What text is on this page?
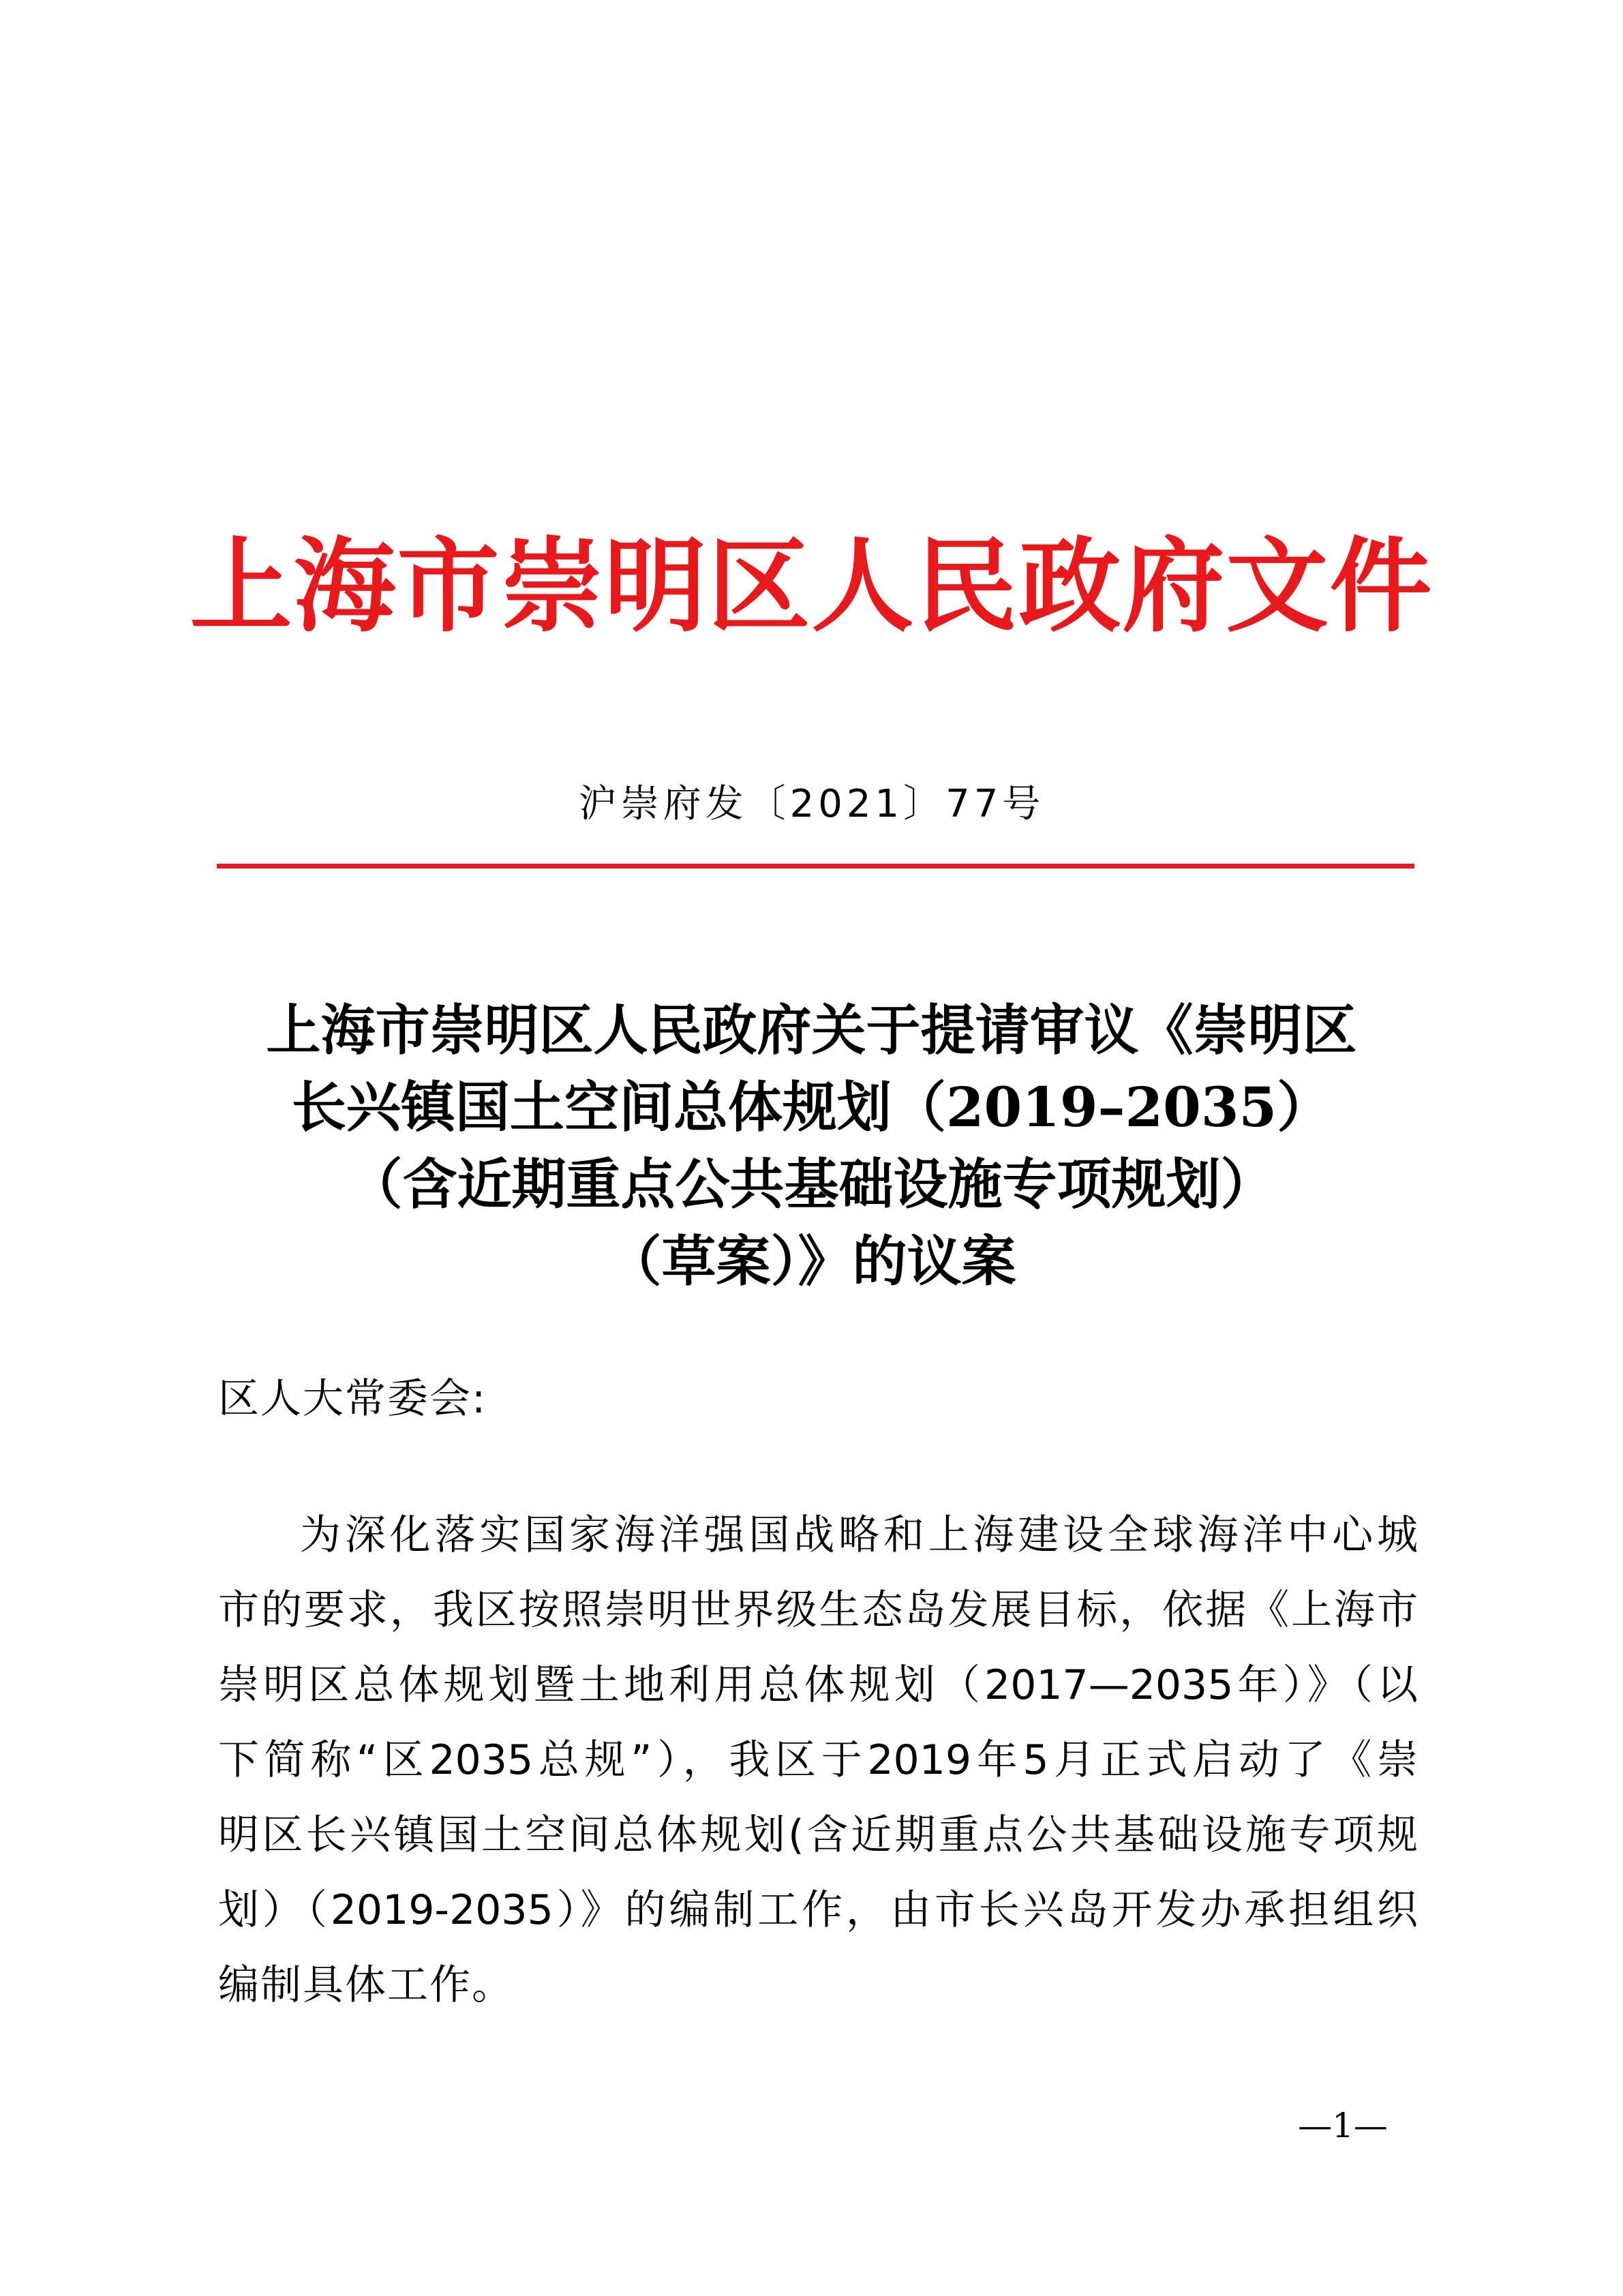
上海市崇明区人民政府文件
沪崇府发〔2021〕77号
上海市崇明区人民政府关于提请审议《崇明区
长兴镇国土空间总体规划（2019–2035）
（含近期重点公共基础设施专项规划）
（草案）》的议案
区人大常委会:
为深化落实国家海洋强国战略和上海建设全球海洋中心城
市的要求，我区按照崇明世界级生态岛发展目标，依据《上海市
崇明区总体规划暨土地利用总体规划（2017—2035年）》（以
下简称“区2035总规”），我区于2019年5月正式启动了《崇
明区长兴镇国土空间总体规划(含近期重点公共基础设施专项规
划）（2019-2035）》的编制工作，由市长兴岛开发办承担组织
编制具体工作。
—1—
